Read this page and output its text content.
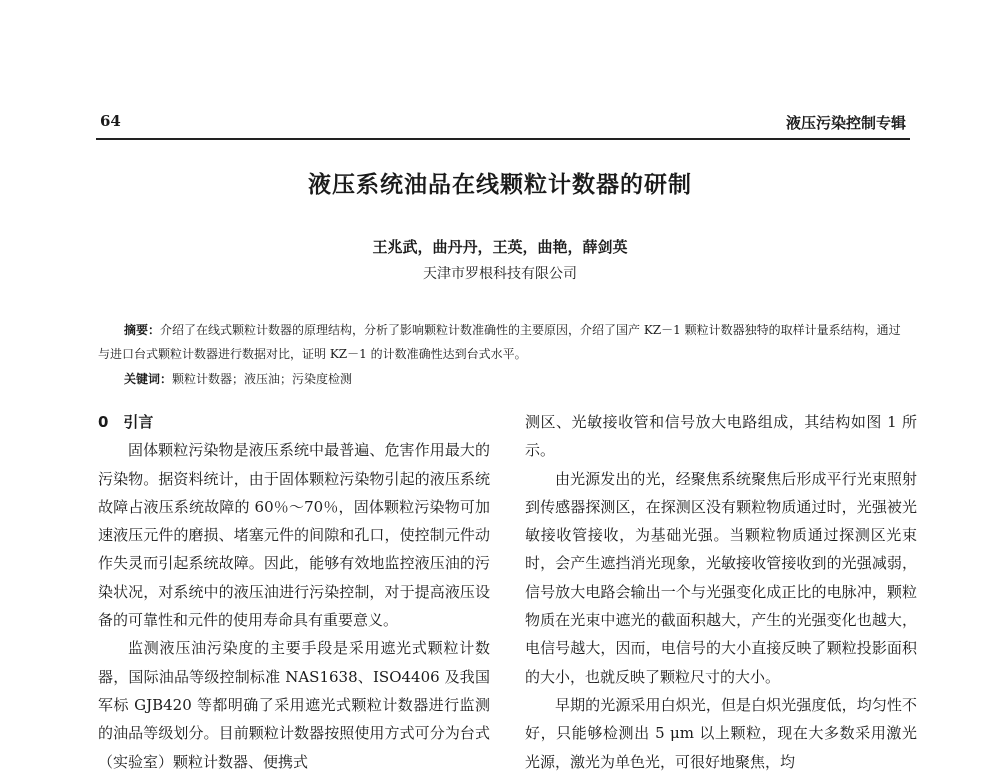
64	液压污染控制专辑
液压系统油品在线颗粒计数器的研制
王兆武，曲丹丹，王英，曲艳，薛剑英
天津市罗根科技有限公司
摘要：介绍了在线式颗粒计数器的原理结构，分析了影响颗粒计数准确性的主要原因，介绍了国产 KZ－1 颗粒计数器独特的取样计量系结构，通过与进口台式颗粒计数器进行数据对比，证明 KZ－1 的计数准确性达到台式水平。
关键词：颗粒计数器；液压油；污染度检测

0　引言

固体颗粒污染物是液压系统中最普遍、危害作用最大的污染物。据资料统计，由于固体颗粒污染物引起的液压系统故障占液压系统故障的 60％～70％，固体颗粒污染物可加速液压元件的磨损、堵塞元件的间隙和孔口，使控制元件动作失灵而引起系统故障。因此，能够有效地监控液压油的污染状况，对系统中的液压油进行污染控制，对于提高液压设备的可靠性和元件的使用寿命具有重要意义。

监测液压油污染度的主要手段是采用遮光式颗粒计数器，国际油品等级控制标准 NAS1638、ISO4406 及我国军标 GJB420 等都明确了采用遮光式颗粒计数器进行监测的油品等级划分。目前颗粒计数器按照使用方式可分为台式（实验室）颗粒计数器、便携式

测区、光敏接收管和信号放大电路组成，其结构如图 1 所示。

由光源发出的光，经聚焦系统聚焦后形成平行光束照射到传感器探测区，在探测区没有颗粒物质通过时，光强被光敏接收管接收，为基础光强。当颗粒物质通过探测区光束时，会产生遮挡消光现象，光敏接收管接收到的光强减弱，信号放大电路会输出一个与光强变化成正比的电脉冲，颗粒物质在光束中遮光的截面积越大，产生的光强变化也越大，电信号越大，因而，电信号的大小直接反映了颗粒投影面积的大小，也就反映了颗粒尺寸的大小。

早期的光源采用白炽光，但是白炽光强度低，均匀性不好，只能够检测出 5 μm 以上颗粒，现在大多数采用激光光源，激光为单色光，可很好地聚焦，均
